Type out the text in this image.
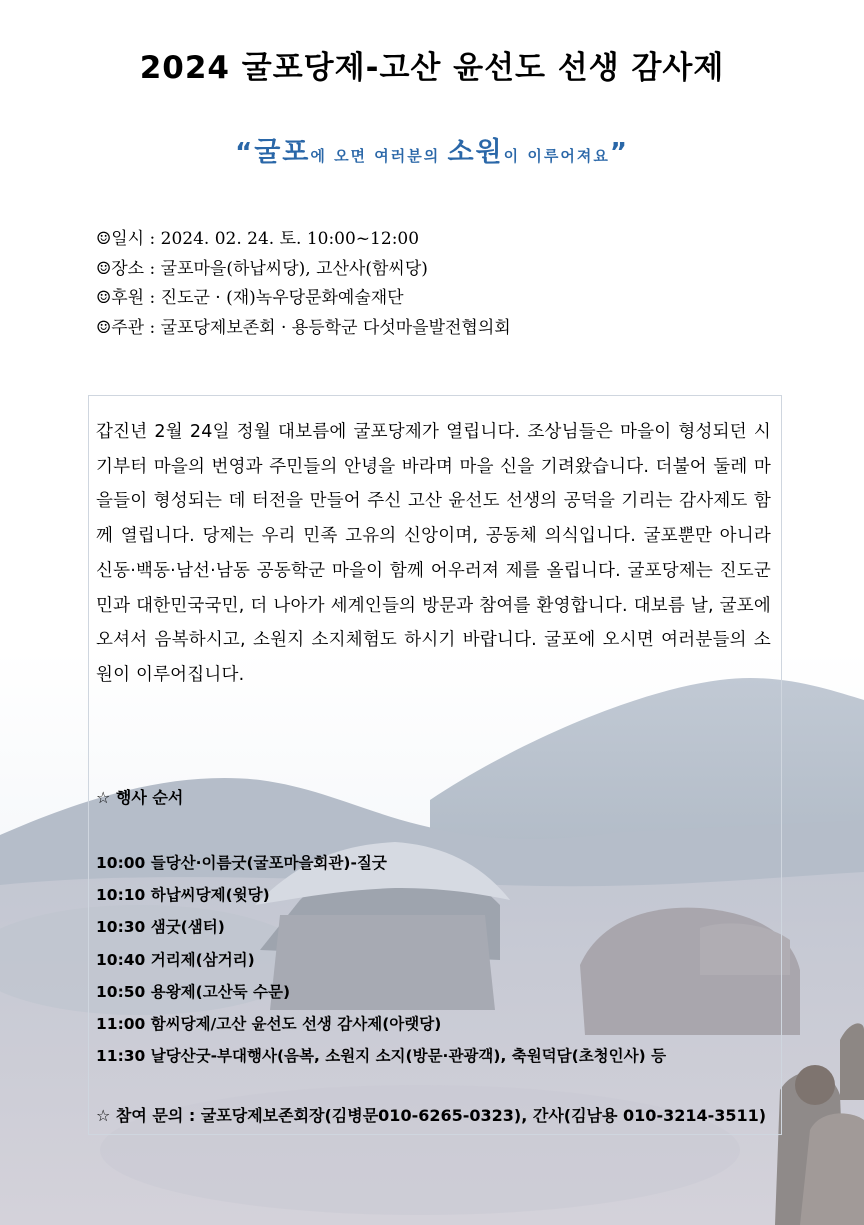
2024 굴포당제-고산 윤선도 선생 감사제
“굴포에 오면 여러분의 소원이 이루어져요”
☺일시 : 2024. 02. 24. 토. 10:00~12:00
☺장소 : 굴포마을(하납씨당), 고산사(함씨당)
☺후원 : 진도군 · (재)녹우당문화예술재단
☺주관 : 굴포당제보존회 · 용등학군 다섯마을발전협의회
갑진년 2월 24일 정월 대보름에 굴포당제가 열립니다. 조상님들은 마을이 형성되던 시기부터 마을의 번영과 주민들의 안녕을 바라며 마을 신을 기려왔습니다. 더불어 둘레 마을들이 형성되는 데 터전을 만들어 주신 고산 윤선도 선생의 공덕을 기리는 감사제도 함께 열립니다. 당제는 우리 민족 고유의 신앙이며, 공동체 의식입니다. 굴포뿐만 아니라 신동·백동·남선·남동 공동학군 마을이 함께 어우러져 제를 올립니다. 굴포당제는 진도군민과 대한민국국민, 더 나아가 세계인들의 방문과 참여를 환영합니다. 대보름 날, 굴포에 오셔서 음복하시고, 소원지 소지체험도 하시기 바랍니다. 굴포에 오시면 여러분들의 소원이 이루어집니다.
☆ 행사 순서
10:00 들당산·이름굿(굴포마을회관)-질굿
10:10 하납씨당제(윗당)
10:30 샘굿(샘터)
10:40 거리제(삼거리)
10:50 용왕제(고산둑 수문)
11:00 함씨당제/고산 윤선도 선생 감사제(아랫당)
11:30 날당산굿-부대행사(음복, 소원지 소지(방문·관광객), 축원덕담(초청인사) 등
☆ 참여 문의 : 굴포당제보존회장(김병문010-6265-0323), 간사(김남용 010-3214-3511)
